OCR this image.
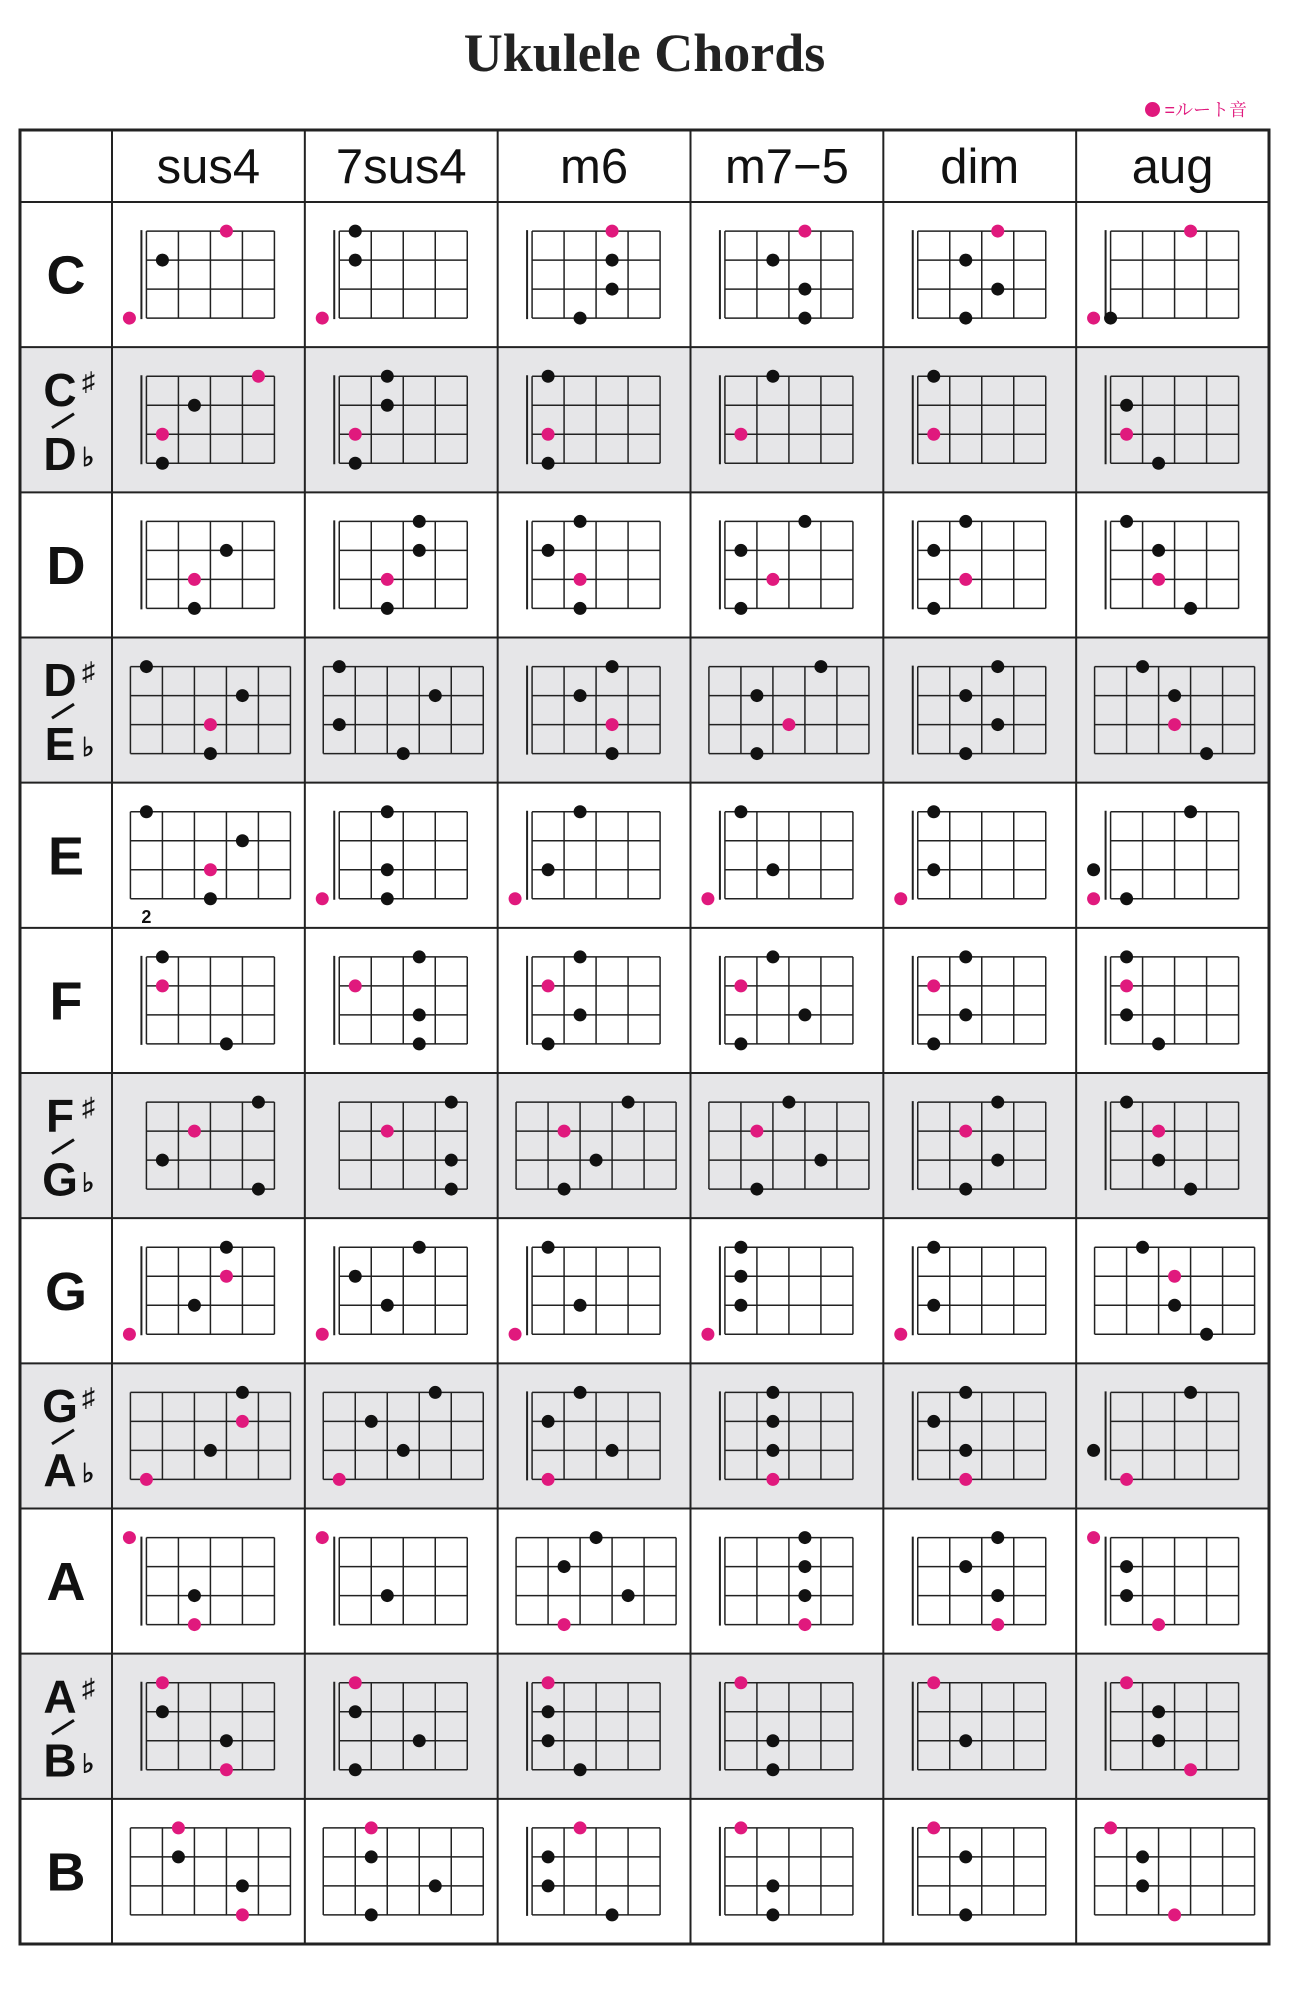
Ukulele Chords
=ルート音
sus4 7sus4 m6 m7−5 dim aug
C
C ♯
D ♭
D
D ♯
E ♭
E
F
F ♯
G ♭
G
G ♯
A ♭
A
A ♯
B ♭
B
2
